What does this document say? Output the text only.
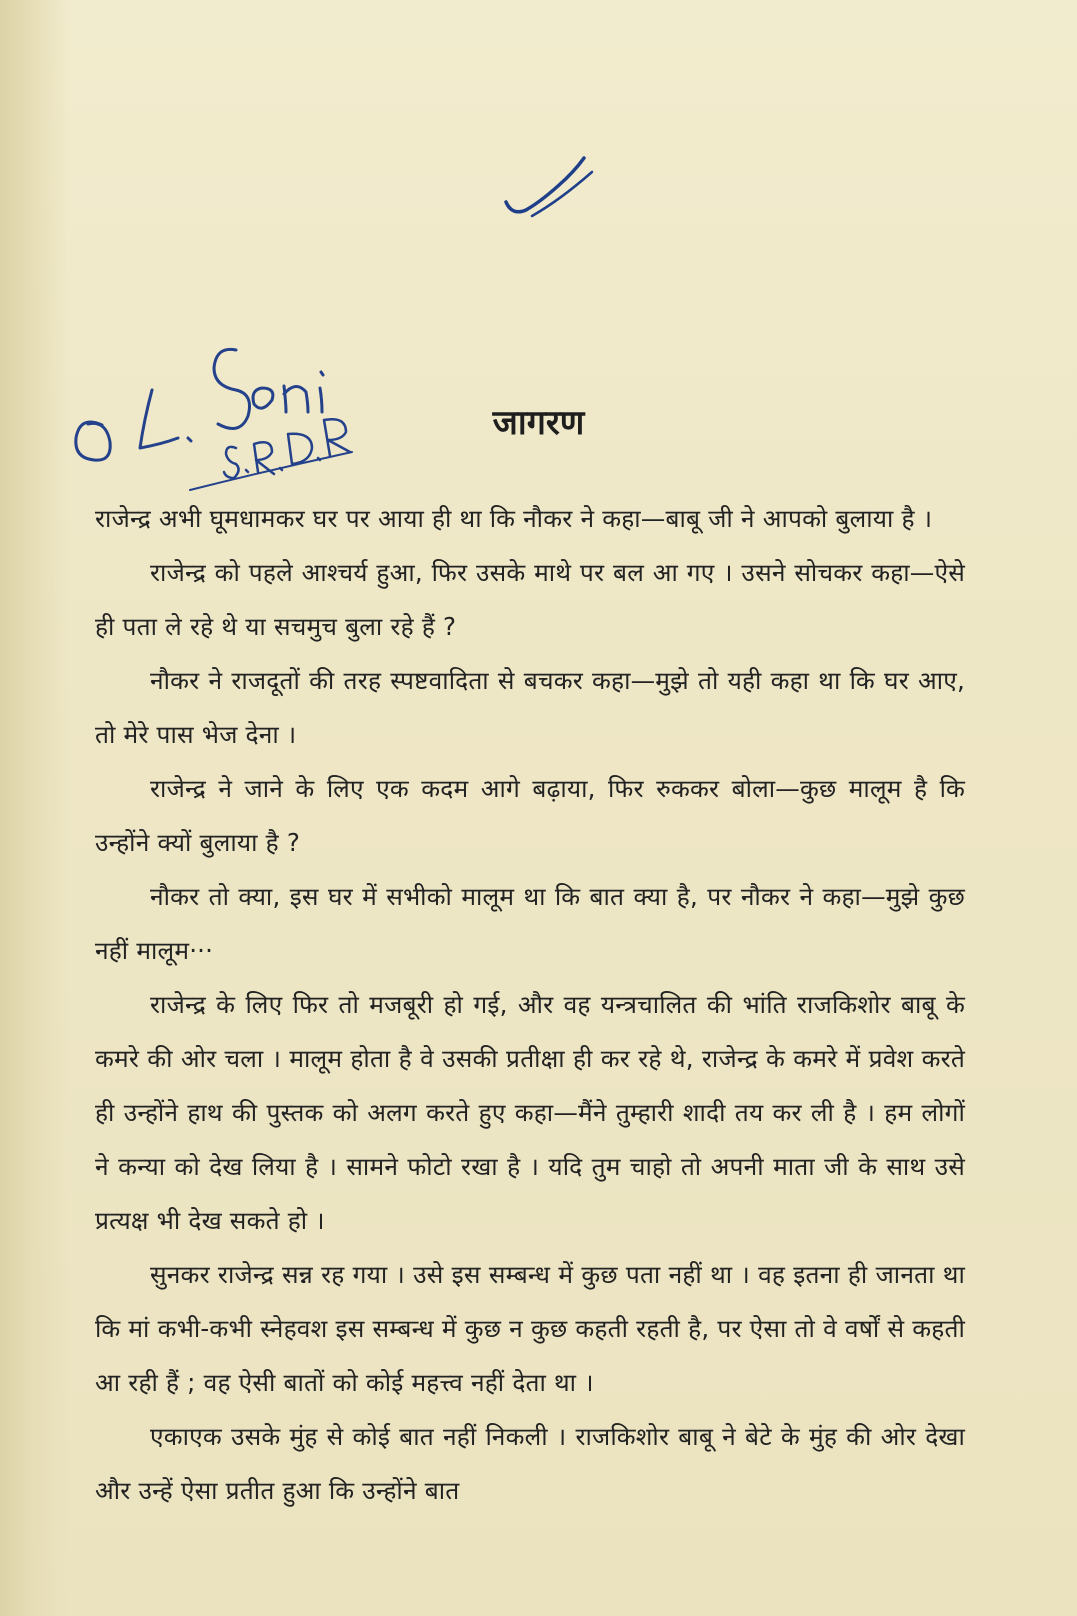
जागरण

राजेन्द्र अभी घूमधामकर घर पर आया ही था कि नौकर ने कहा—बाबू जी ने आपको बुलाया है ।

राजेन्द्र को पहले आश्चर्य हुआ, फिर उसके माथे पर बल आ गए । उसने सोचकर कहा—ऐसे ही पता ले रहे थे या सचमुच बुला रहे हैं ?

नौकर ने राजदूतों की तरह स्पष्टवादिता से बचकर कहा—मुझे तो यही कहा था कि घर आए, तो मेरे पास भेज देना ।

राजेन्द्र ने जाने के लिए एक कदम आगे बढ़ाया, फिर रुककर बोला—कुछ मालूम है कि उन्होंने क्यों बुलाया है ?

नौकर तो क्या, इस घर में सभीको मालूम था कि बात क्या है, पर नौकर ने कहा—मुझे कुछ नहीं मालूम···

राजेन्द्र के लिए फिर तो मजबूरी हो गई, और वह यन्त्रचालित की भांति राजकिशोर बाबू के कमरे की ओर चला । मालूम होता है वे उसकी प्रतीक्षा ही कर रहे थे, राजेन्द्र के कमरे में प्रवेश करते ही उन्होंने हाथ की पुस्तक को अलग करते हुए कहा—मैंने तुम्हारी शादी तय कर ली है । हम लोगों ने कन्या को देख लिया है । सामने फोटो रखा है । यदि तुम चाहो तो अपनी माता जी के साथ उसे प्रत्यक्ष भी देख सकते हो ।

सुनकर राजेन्द्र सन्न रह गया । उसे इस सम्बन्ध में कुछ पता नहीं था । वह इतना ही जानता था कि मां कभी-कभी स्नेहवश इस सम्बन्ध में कुछ न कुछ कहती रहती है, पर ऐसा तो वे वर्षों से कहती आ रही हैं ; वह ऐसी बातों को कोई महत्त्व नहीं देता था ।

एकाएक उसके मुंह से कोई बात नहीं निकली । राजकिशोर बाबू ने बेटे के मुंह की ओर देखा और उन्हें ऐसा प्रतीत हुआ कि उन्होंने बात
